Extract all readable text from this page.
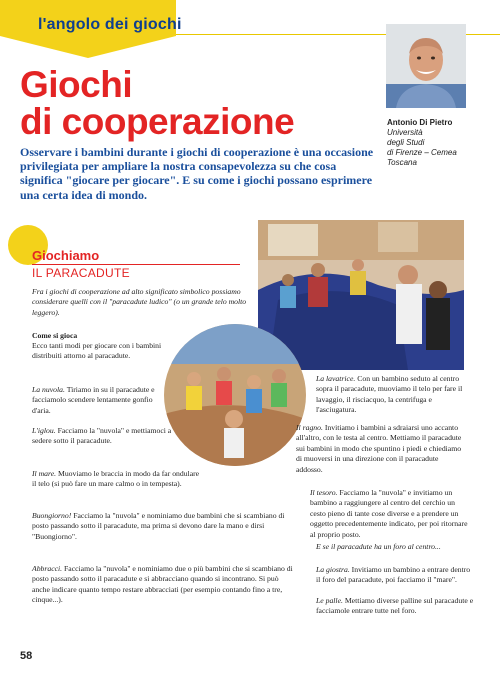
l'angolo dei giochi
Giochi
di cooperazione	Antonio Di Pietro
Università
degli Studi
di Firenze – Cemea
Toscana
Osservare i bambini durante i giochi di cooperazione è una occasione privilegiata per ampliare la nostra consapevolezza su che cosa significa "giocare per giocare". E su come i giochi possano esprimere una certa idea di mondo.
Giochiamo
IL PARACADUTE
Fra i giochi di cooperazione ad alto significato simbolico possiamo considerare quelli con il "paracadute ludico" (o un grande telo molto leggero).
Come si gioca
Ecco tanti modi per giocare con i bambini distribuiti attorno al paracadute.
La nuvola. Tiriamo in su il paracadute e facciamolo scendere lentamente gonfio d'aria.
L'iglou. Facciamo la "nuvola" e mettiamoci a sedere sotto il paracadute.
Il mare. Muoviamo le braccia in modo da far ondulare il telo (si può fare un mare calmo o in tempesta).
Buongiorno! Facciamo la "nuvola" e nominiamo due bambini che si scambiano di posto passando sotto il paracadute, ma prima si devono dare la mano e dirsi "Buongiorno".
Abbracci. Facciamo la "nuvola" e nominiamo due o più bambini che si scambiano di posto passando sotto il paracadute e si abbracciano quando si incontrano. Si può anche indicare quanto tempo restare abbracciati (per esempio contando fino a tre, cinque...).
La lavatrice. Con un bambino seduto al centro sopra il paracadute, muoviamo il telo per fare il lavaggio, il risciacquo, la centrifuga e l'asciugatura.
Il ragno. Invitiamo i bambini a sdraiarsi uno accanto all'altro, con le testa al centro. Mettiamo il paracadute sui bambini in modo che spuntino i piedi e chiediamo di muoversi in una direzione con il paracadute addosso.
Il tesoro. Facciamo la "nuvola" e invitiamo un bambino a raggiungere al centro del cerchio un cesto pieno di tante cose diverse e a prendere un oggetto precedentemente indicato, per poi ritornare al proprio posto.
E se il paracadute ha un foro al centro...
La giostra. Invitiamo un bambino a entrare dentro il foro del paracadute, poi facciamo il "mare".
Le palle. Mettiamo diverse palline sul paracadute e facciamole entrare tutte nel foro.
58
